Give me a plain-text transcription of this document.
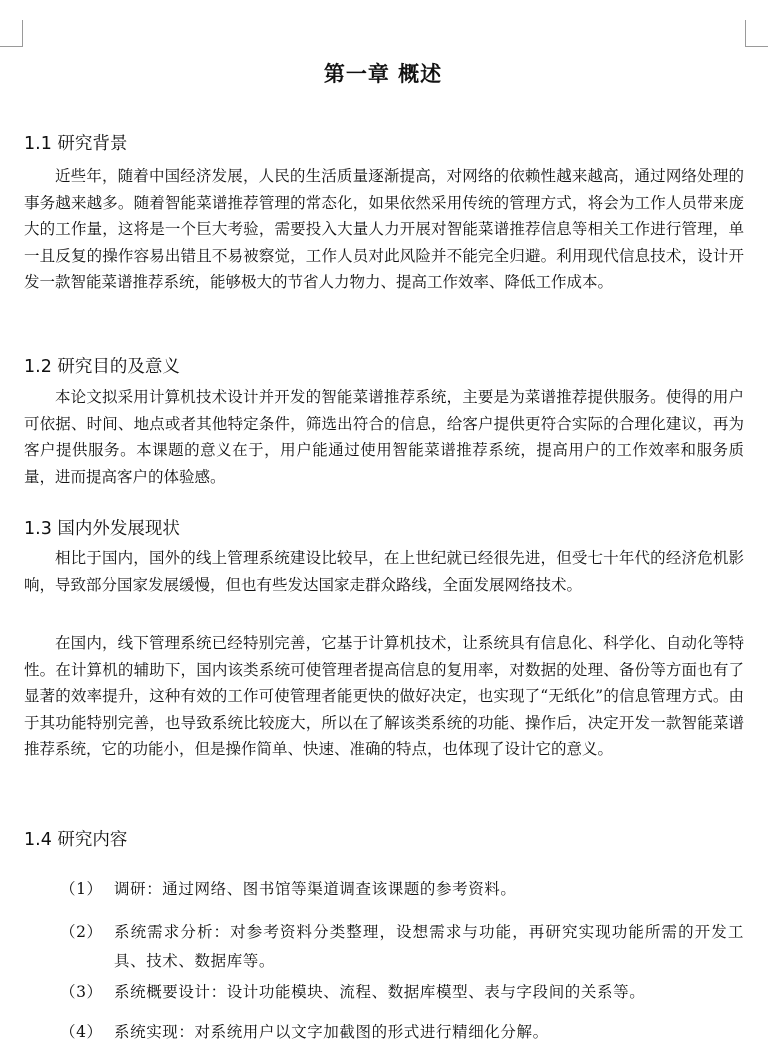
第一章 概述
1.1 研究背景

近些年，随着中国经济发展，人民的生活质量逐渐提高，对网络的依赖性越来越高，通过网络处理的事务越来越多。随着智能菜谱推荐管理的常态化，如果依然采用传统的管理方式，将会为工作人员带来庞大的工作量，这将是一个巨大考验，需要投入大量人力开展对智能菜谱推荐信息等相关工作进行管理，单一且反复的操作容易出错且不易被察觉，工作人员对此风险并不能完全归避。利用现代信息技术，设计开发一款智能菜谱推荐系统，能够极大的节省人力物力、提高工作效率、降低工作成本。

1.2 研究目的及意义

本论文拟采用计算机技术设计并开发的智能菜谱推荐系统，主要是为菜谱推荐提供服务。使得的用户可依据、时间、地点或者其他特定条件，筛选出符合的信息，给客户提供更符合实际的合理化建议，再为客户提供服务。本课题的意义在于，用户能通过使用智能菜谱推荐系统，提高用户的工作效率和服务质量，进而提高客户的体验感。

1.3 国内外发展现状

相比于国内，国外的线上管理系统建设比较早，在上世纪就已经很先进，但受七十年代的经济危机影响，导致部分国家发展缓慢，但也有些发达国家走群众路线，全面发展网络技术。

在国内，线下管理系统已经特别完善，它基于计算机技术，让系统具有信息化、科学化、自动化等特性。在计算机的辅助下，国内该类系统可使管理者提高信息的复用率，对数据的处理、备份等方面也有了显著的效率提升，这种有效的工作可使管理者能更快的做好决定，也实现了“无纸化”的信息管理方式。由于其功能特别完善，也导致系统比较庞大，所以在了解该类系统的功能、操作后，决定开发一款智能菜谱推荐系统，它的功能小，但是操作简单、快速、准确的特点，也体现了设计它的意义。

1.4 研究内容
（1） 调研：通过网络、图书馆等渠道调查该课题的参考资料。
（2） 系统需求分析：对参考资料分类整理，设想需求与功能，再研究实现功能所需的开发工具、技术、数据库等。
（3） 系统概要设计：设计功能模块、流程、数据库模型、表与字段间的关系等。
（4） 系统实现：对系统用户以文字加截图的形式进行精细化分解。
